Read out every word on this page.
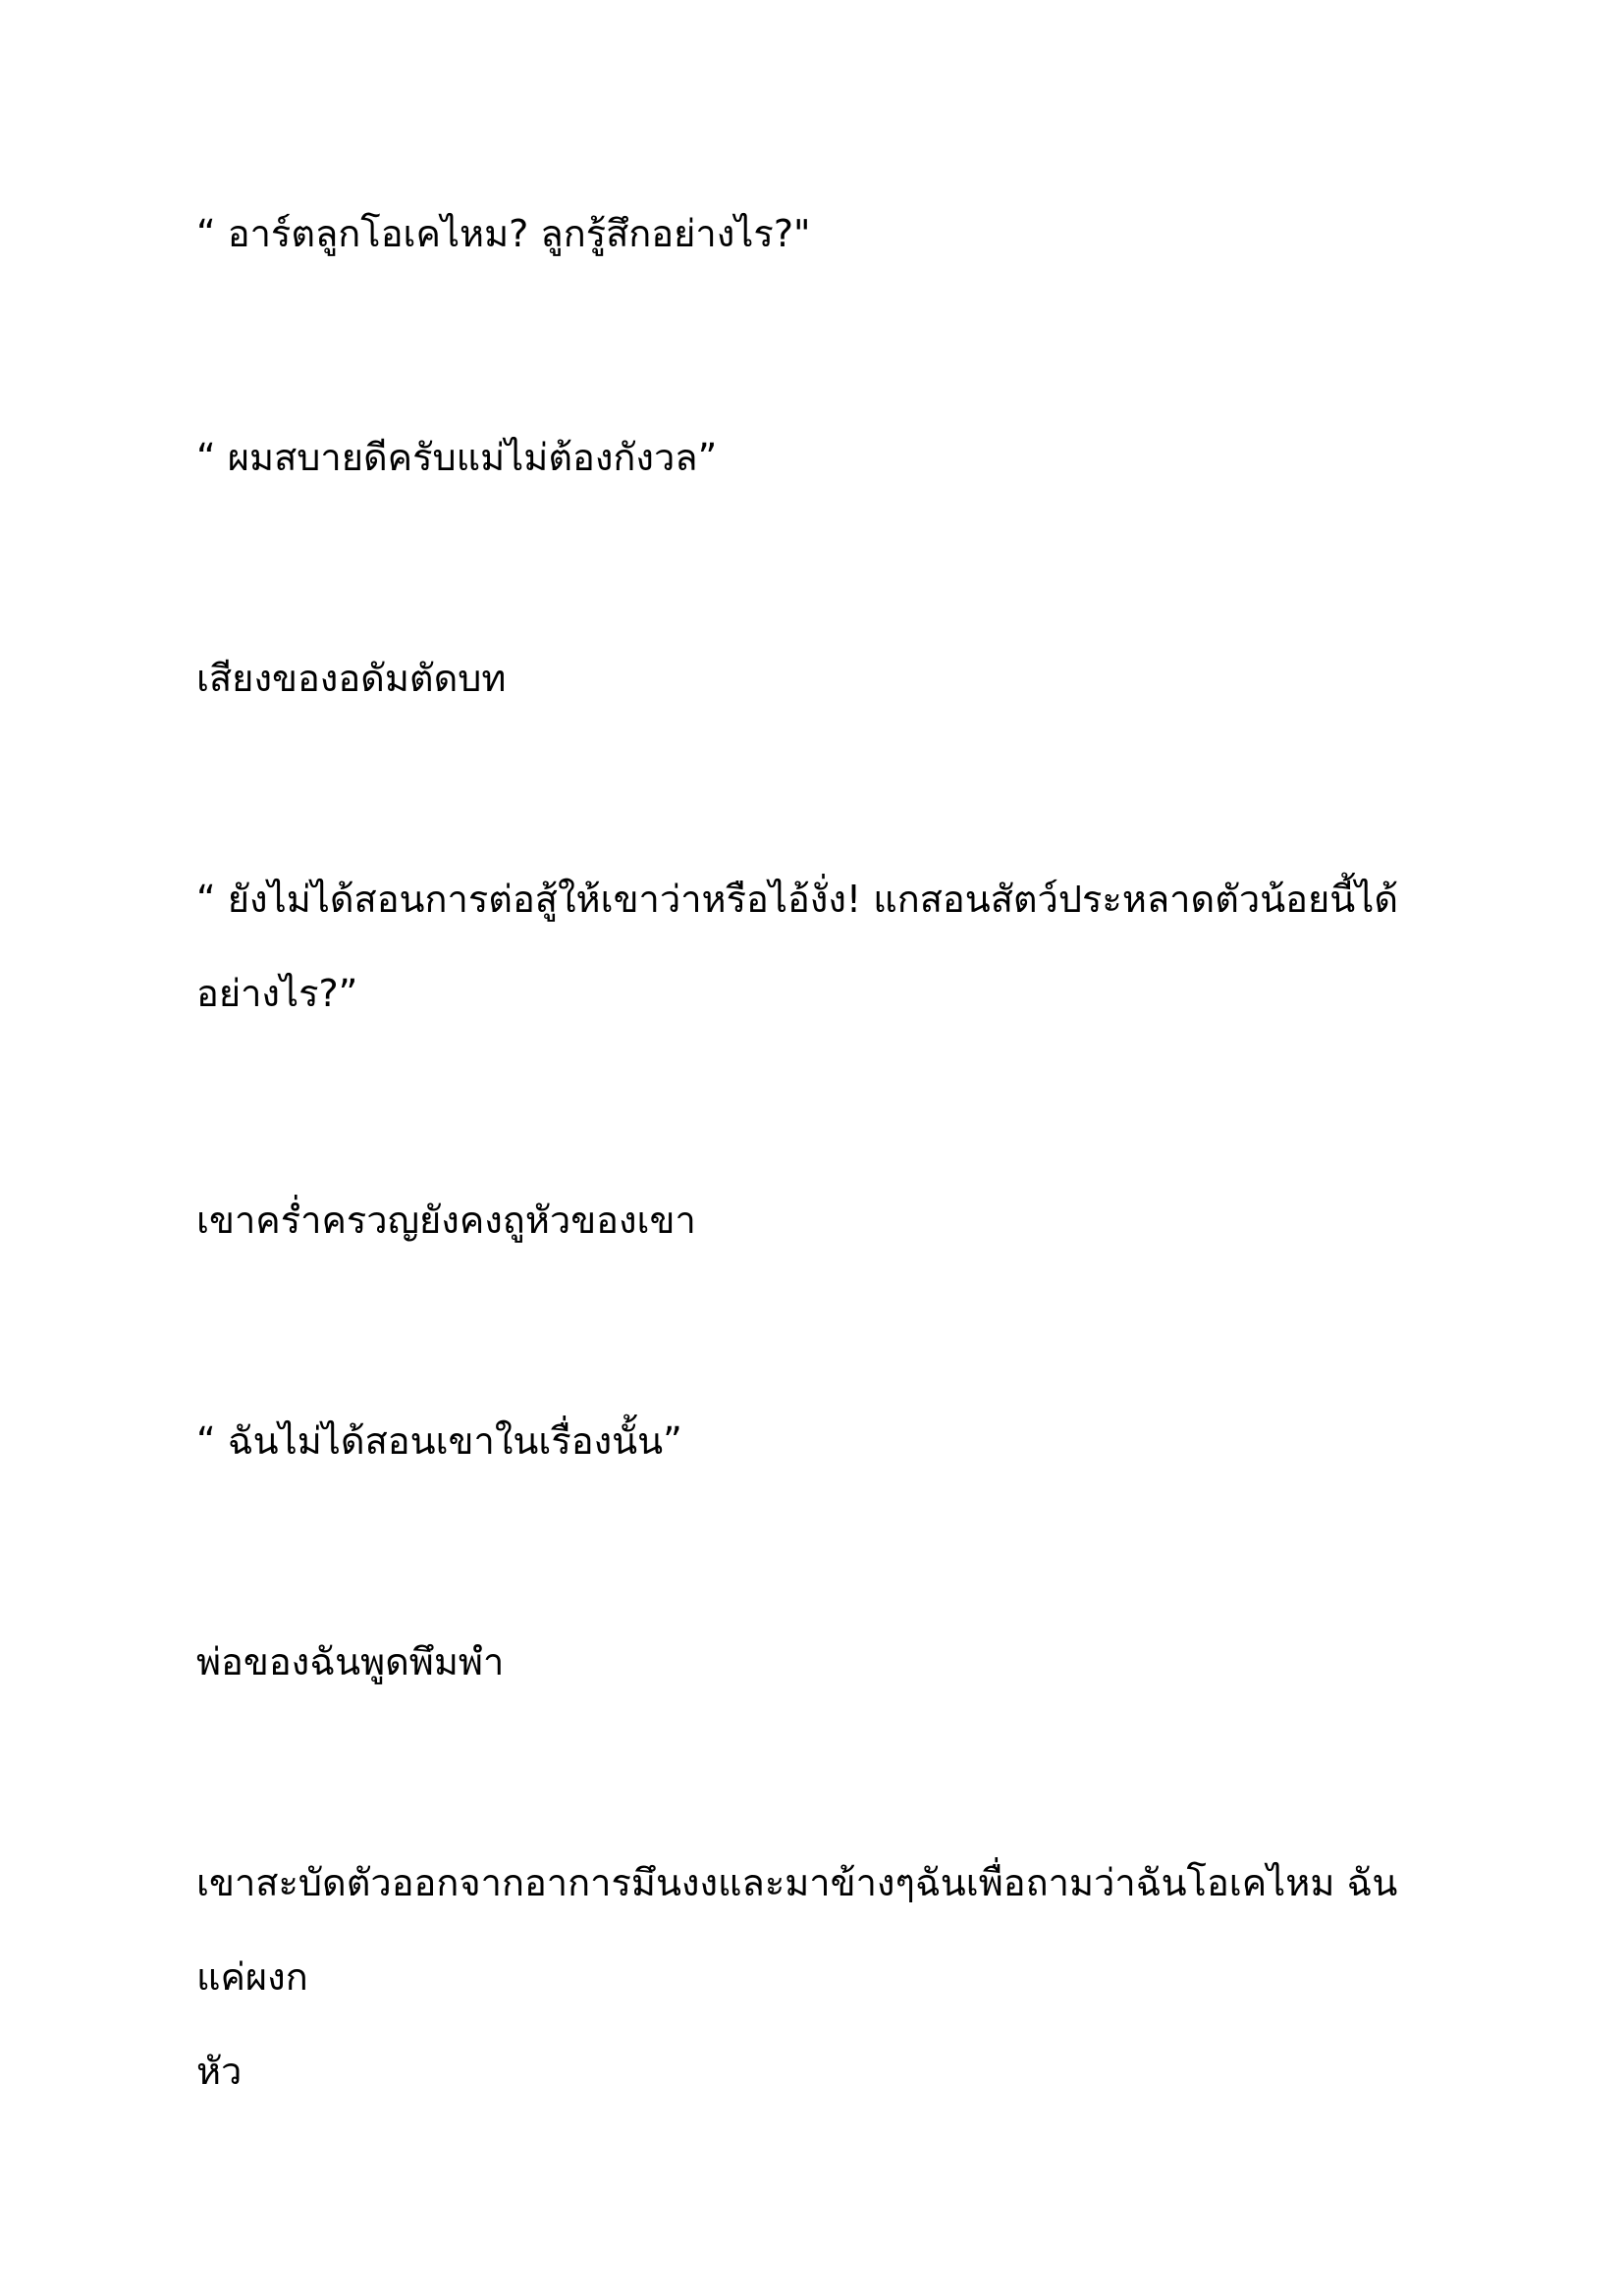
“ อาร์ตลูกโอเคไหม? ลูกรู้สึกอย่างไร?"

“ ผมสบายดีครับแม่ไม่ต้องกังวล”

เสียงของอดัมตัดบท

“ ยังไม่ได้สอนการต่อสู้ให้เขาว่าหรือไอ้งั่ง! แกสอนสัตว์ประหลาดตัวน้อยนี้ได้
อย่างไร?”

เขาคร่ำครวญยังคงถูหัวของเขา

“ ฉันไม่ได้สอนเขาในเรื่องนั้น”

พ่อของฉันพูดพึมพำ

เขาสะบัดตัวออกจากอาการมึนงงและมาข้างๆฉันเพื่อถามว่าฉันโอเคไหม ฉันแค่ผงก
หัว
